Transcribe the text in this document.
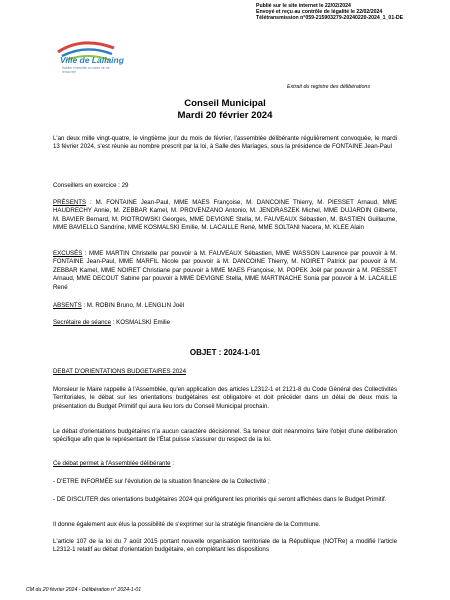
Publié sur le site internet le 22/02/2024
Envoyé et reçu au contrôle de légalité le 22/02/2024
Télétransmission n°059-215903279-20240220-2024_1_01-DE
Ville de Lallaing
Habiter ensemble un cadre de vie renouvelé
Extrait du registre des délibérations
Conseil Municipal
Mardi 20 février 2024
L'an deux mille vingt-quatre, le vingtième jour du mois de février, l'assemblée délibérante régulièrement convoquée, le mardi 13 février 2024, s'est réunie au nombre prescrit par la loi, à Salle des Mariages, sous la présidence de FONTAINE Jean-Paul
Conseillers en exercice : 29
PRÉSENTS : M. FONTAINE Jean-Paul, MME MAES Françoise, M. DANCOINE Thierry, M. PIESSET Arnaud, MME HAUDRECHY Annie, M. ZEBBAR Kamel, M. PROVENZANO Antonio, M. JENDRASZEK Michel, MME DUJARDIN Gilberte, M. BAVIER Bernard, M. PIOTROWSKI Georges, MME DEVIGNE Stella, M. FAUVEAUX Sébastien, M. BASTIEN Guillaume, MME BAVIELLO Sandrine, MME KOSMALSKI Emilie, M. LACAILLE René, MME SOLTANI Nacera, M. KLEE Alain
EXCUSÉS : MME MARTIN Christelle par pouvoir à M. FAUVEAUX Sébastien, MME WASSON Laurence par pouvoir à M. FONTAINE Jean-Paul, MME MARFIL Nicole par pouvoir à M. DANCOINE Thierry, M. NOIRET Patrick par pouvoir à M. ZEBBAR Kamel, MME NOIRET Christiane par pouvoir à MME MAES Françoise, M. POPEK Joël par pouvoir à M. PIESSET Arnaud, MME DECOUT Sabine par pouvoir à MME DEVIGNE Stella, MME MARTINACHE Sonia par pouvoir à M. LACAILLE René
ABSENTS : M. ROBIN Bruno, M. LENGLIN Joël
Secrétaire de séance : KOSMALSKI Emilie
OBJET : 2024-1-01
DEBAT D'ORIENTATIONS BUDGETAIRES 2024
Monsieur le Maire rappelle à l'Assemblée, qu'en application des articles L2312-1 et 2121-8 du Code Général des Collectivités Territoriales, le débat sur les orientations budgétaires est obligatoire et doit précéder dans un délai de deux mois la présentation du Budget Primitif qui aura lieu lors du Conseil Municipal prochain.
Le débat d'orientations budgétaires n'a aucun caractère décisionnel. Sa teneur doit néanmoins faire l'objet d'une délibération spécifique afin que le représentant de l'État puisse s'assurer du respect de la loi.
Ce débat permet à l'Assemblée délibérante :
- D'ETRE INFORMÉE sur l'évolution de la situation financière de la Collectivité ;
- DE DISCUTER des orientations budgétaires 2024 qui préfigurent les priorités qui seront affichées dans le Budget Primitif.
Il donne également aux élus la possibilité de s'exprimer sur la stratégie financière de la Commune.
L'article 107 de la loi du 7 août 2015 portant nouvelle organisation territoriale de la République (NOTRe) a modifié l'article L2312-1 relatif au débat d'orientation budgétaire, en complétant les dispositions
CM du 20 février 2024 - Délibération n° 2024-1-01
